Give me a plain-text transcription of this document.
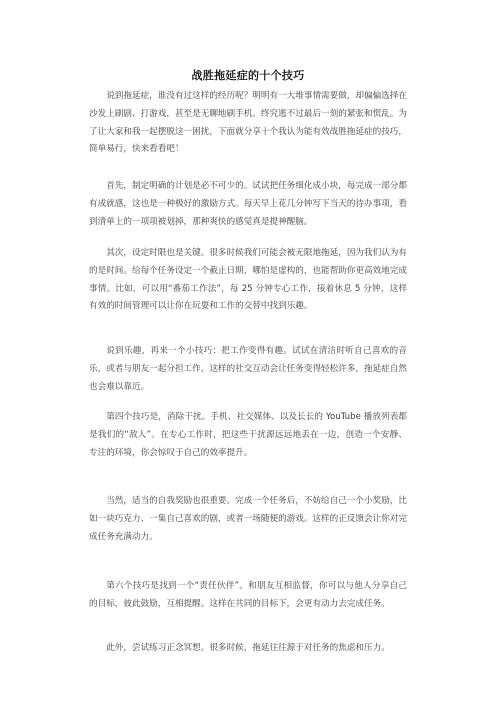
战胜拖延症的十个技巧

说到拖延症，谁没有过这样的经历呢？明明有一大堆事情需要做，却偏偏选择在沙发上刷剧、打游戏，甚至是无聊地刷手机。终究逃不过最后一刻的紧张和慌乱。为了让大家和我一起摆脱这一困扰，下面就分享十个我认为能有效战胜拖延症的技巧，简单易行，快来看看吧！

首先，制定明确的计划是必不可少的。试试把任务细化成小块，每完成一部分都有成就感，这也是一种极好的激励方式。每天早上花几分钟写下当天的待办事项，看到清单上的一项项被划掉，那种爽快的感觉真是提神醒脑。

其次，设定时限也是关键。很多时候我们可能会被无限地拖延，因为我们认为有的是时间。给每个任务设定一个截止日期，哪怕是虚构的，也能帮助你更高效地完成事情。比如，可以用“番茄工作法”，每 25 分钟专心工作，接着休息 5 分钟，这样有效的时间管理可以让你在玩耍和工作的交替中找到乐趣。

说到乐趣，再来一个小技巧：把工作变得有趣。试试在清洁时听自己喜欢的音乐，或者与朋友一起分担工作，这样的社交互动会让任务变得轻松许多，拖延症自然也会难以靠近。

第四个技巧是，消除干扰。手机、社交媒体、以及长长的 YouTube 播放列表都是我们的“敌人”。在专心工作时，把这些干扰源远远地丢在一边，创造一个安静、专注的环境，你会惊叹于自己的效率提升。

当然，适当的自我奖励也很重要。完成一个任务后，不妨给自己一个小奖励，比如一块巧克力、一集自己喜欢的剧，或者一场随便的游戏。这样的正反馈会让你对完成任务充满动力。

第六个技巧是找到一个“责任伙伴”。和朋友互相监督，你可以与他人分享自己的目标，彼此鼓励，互相提醒。这样在共同的目标下，会更有动力去完成任务。

此外，尝试练习正念冥想。很多时候，拖延往往源于对任务的焦虑和压力。
